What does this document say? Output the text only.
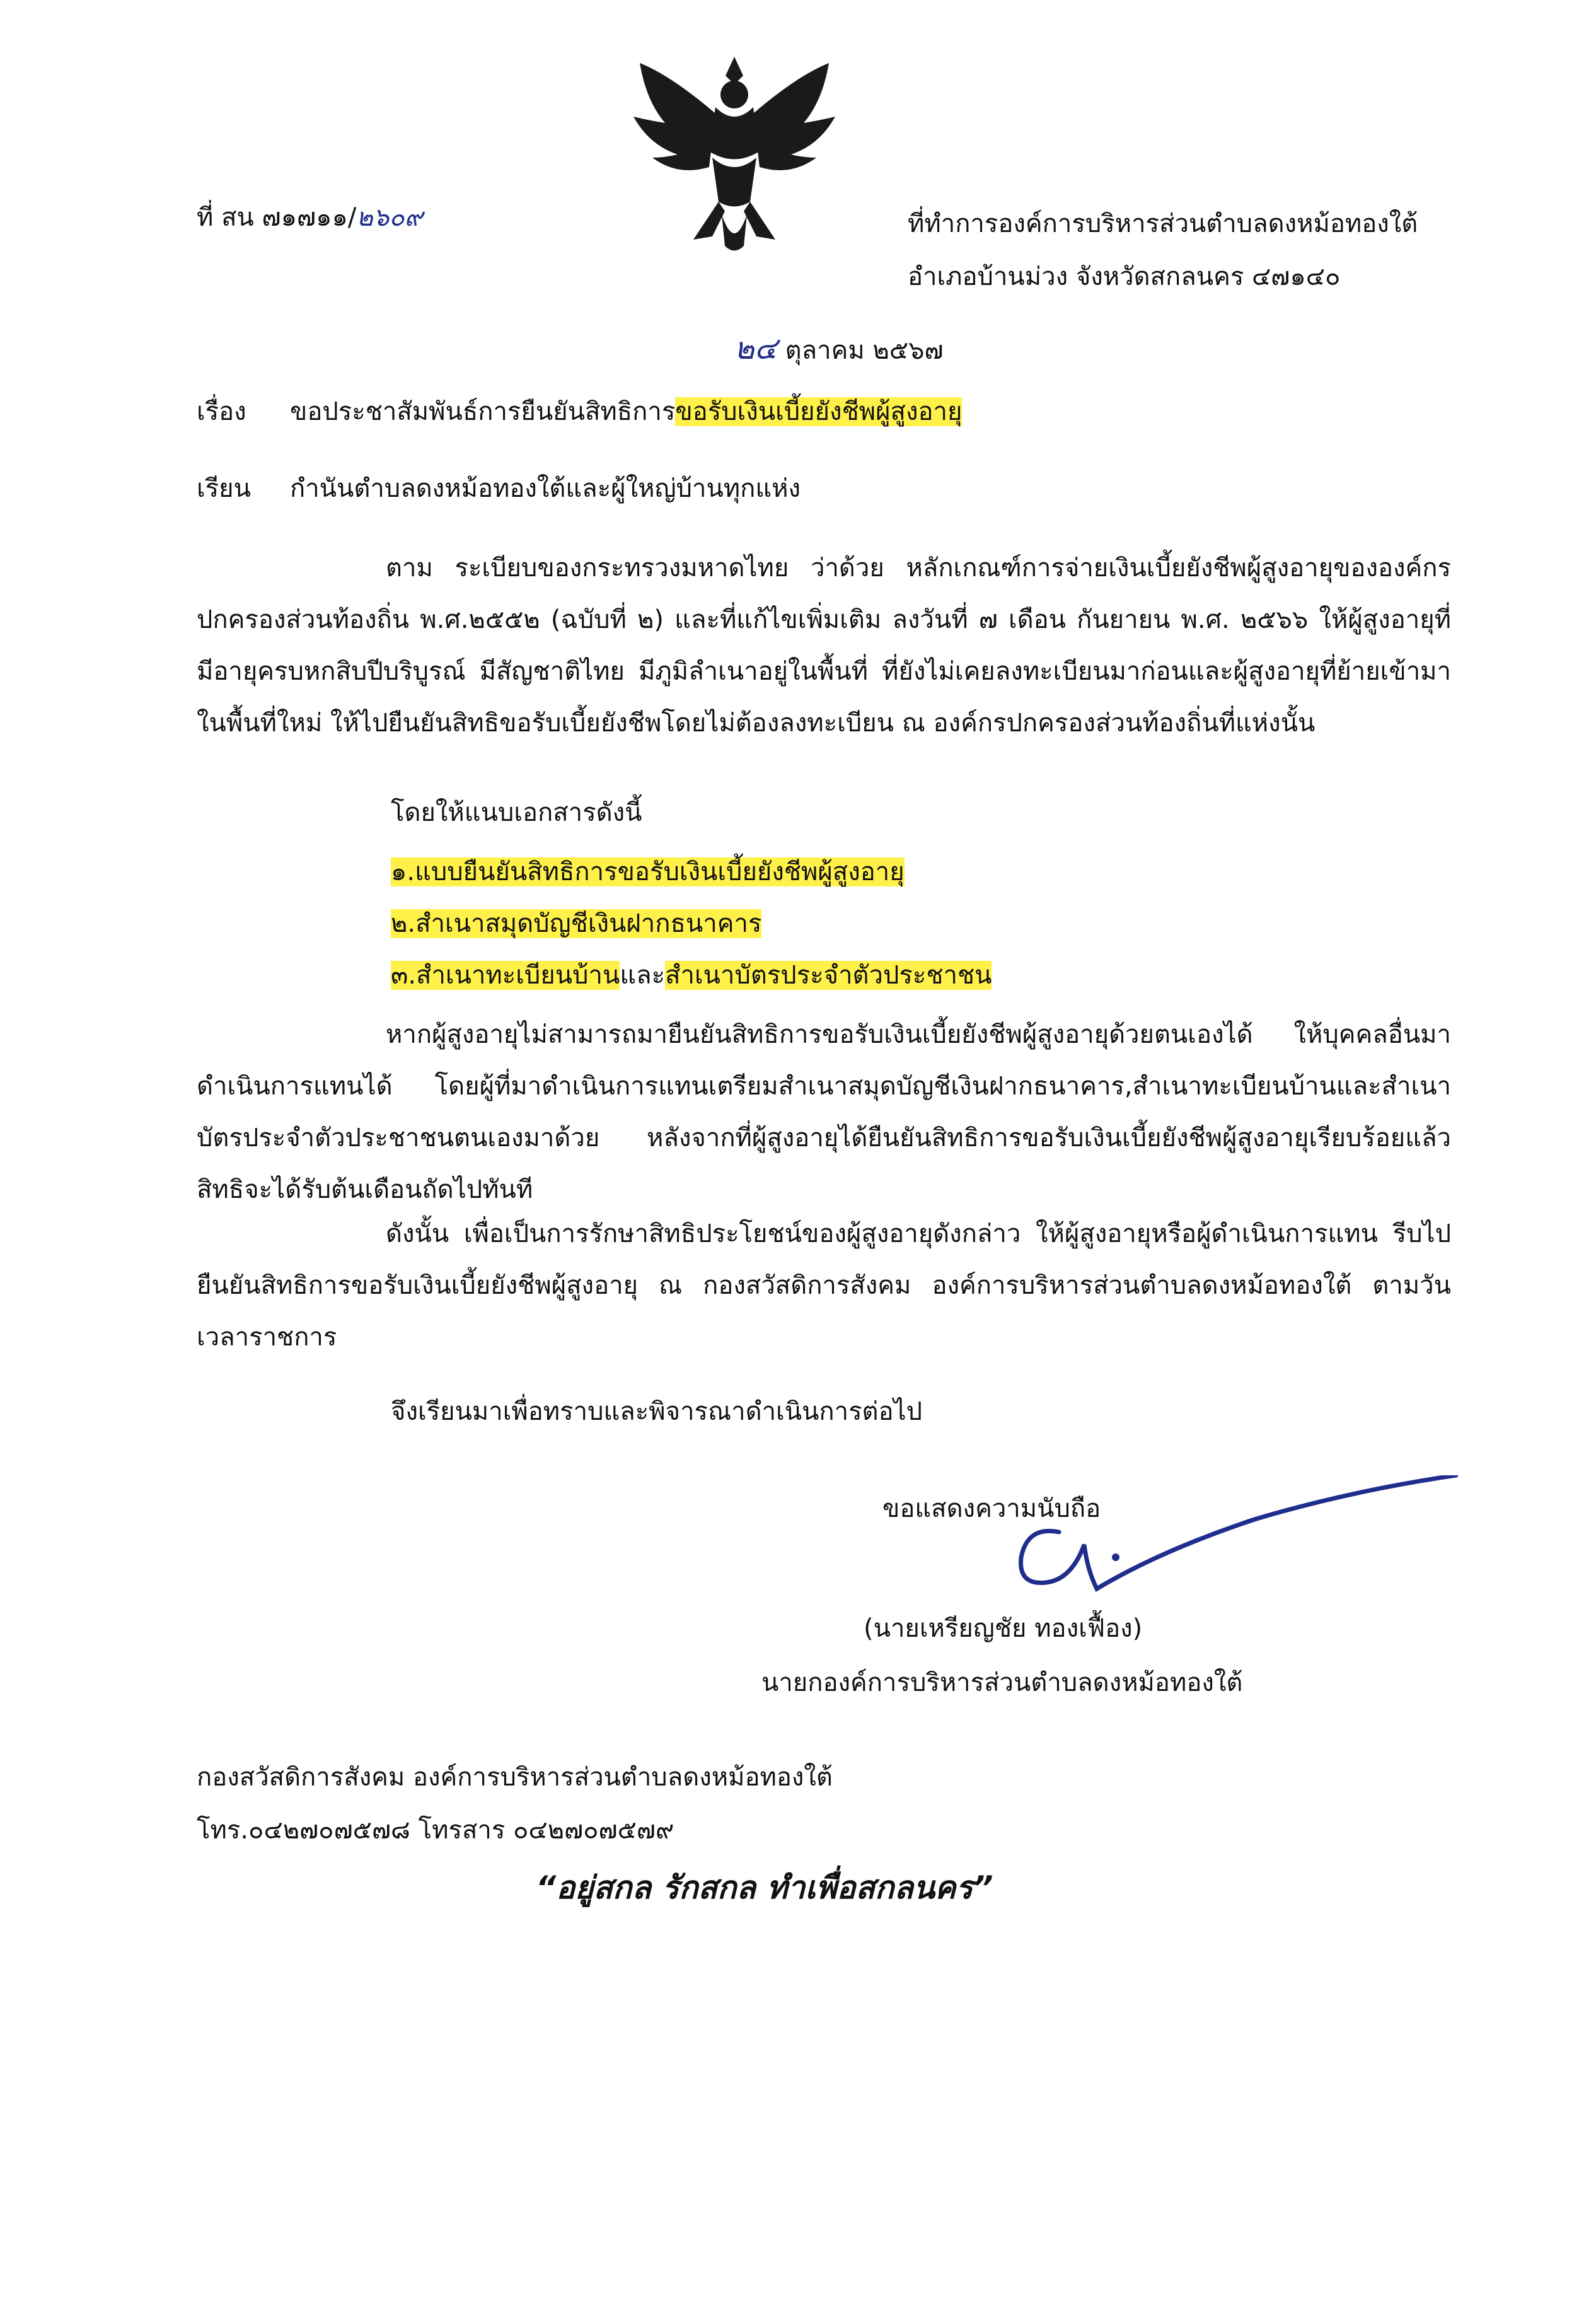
ที่ สน ๗๑๗๑๑/๒๖๐๙	ที่ทำการองค์การบริหารส่วนตำบลดงหม้อทองใต้
อำเภอบ้านม่วง จังหวัดสกลนคร ๔๗๑๔๐
๒๔ ตุลาคม ๒๕๖๗
เรื่อง ขอประชาสัมพันธ์การยืนยันสิทธิการขอรับเงินเบี้ยยังชีพผู้สูงอายุ
เรียน กำนันตำบลดงหม้อทองใต้และผู้ใหญ่บ้านทุกแห่ง
ตาม ระเบียบของกระทรวงมหาดไทย ว่าด้วย หลักเกณฑ์การจ่ายเงินเบี้ยยังชีพผู้สูงอายุขององค์กรปกครองส่วนท้องถิ่น พ.ศ.๒๕๕๒ (ฉบับที่ ๒) และที่แก้ไขเพิ่มเติม ลงวันที่ ๗ เดือน กันยายน พ.ศ. ๒๕๖๖ ให้ผู้สูงอายุที่มีอายุครบหกสิบปีบริบูรณ์ มีสัญชาติไทย มีภูมิลำเนาอยู่ในพื้นที่ ที่ยังไม่เคยลงทะเบียนมาก่อนและผู้สูงอายุที่ย้ายเข้ามาในพื้นที่ใหม่ ให้ไปยืนยันสิทธิขอรับเบี้ยยังชีพโดยไม่ต้องลงทะเบียน ณ องค์กรปกครองส่วนท้องถิ่นที่แห่งนั้น
โดยให้แนบเอกสารดังนี้
๑.แบบยืนยันสิทธิการขอรับเงินเบี้ยยังชีพผู้สูงอายุ
๒.สำเนาสมุดบัญชีเงินฝากธนาคาร
๓.สำเนาทะเบียนบ้านและสำเนาบัตรประจำตัวประชาชน
หากผู้สูงอายุไม่สามารถมายืนยันสิทธิการขอรับเงินเบี้ยยังชีพผู้สูงอายุด้วยตนเองได้ ให้บุคคลอื่นมาดำเนินการแทนได้ โดยผู้ที่มาดำเนินการแทนเตรียมสำเนาสมุดบัญชีเงินฝากธนาคาร,สำเนาทะเบียนบ้านและสำเนาบัตรประจำตัวประชาชนตนเองมาด้วย หลังจากที่ผู้สูงอายุได้ยืนยันสิทธิการขอรับเงินเบี้ยยังชีพผู้สูงอายุเรียบร้อยแล้ว สิทธิจะได้รับต้นเดือนถัดไปทันที
ดังนั้น เพื่อเป็นการรักษาสิทธิประโยชน์ของผู้สูงอายุดังกล่าว ให้ผู้สูงอายุหรือผู้ดำเนินการแทน รีบไปยืนยันสิทธิการขอรับเงินเบี้ยยังชีพผู้สูงอายุ ณ กองสวัสดิการสังคม องค์การบริหารส่วนตำบลดงหม้อทองใต้ ตามวัน เวลาราชการ
จึงเรียนมาเพื่อทราบและพิจารณาดำเนินการต่อไป
ขอแสดงความนับถือ
(นายเหรียญชัย ทองเฟื้อง)
นายกองค์การบริหารส่วนตำบลดงหม้อทองใต้
กองสวัสดิการสังคม องค์การบริหารส่วนตำบลดงหม้อทองใต้
โทร.๐๔๒๗๐๗๕๗๘ โทรสาร ๐๔๒๗๐๗๕๗๙
“อยู่สกล รักสกล ทำเพื่อสกลนคร”
